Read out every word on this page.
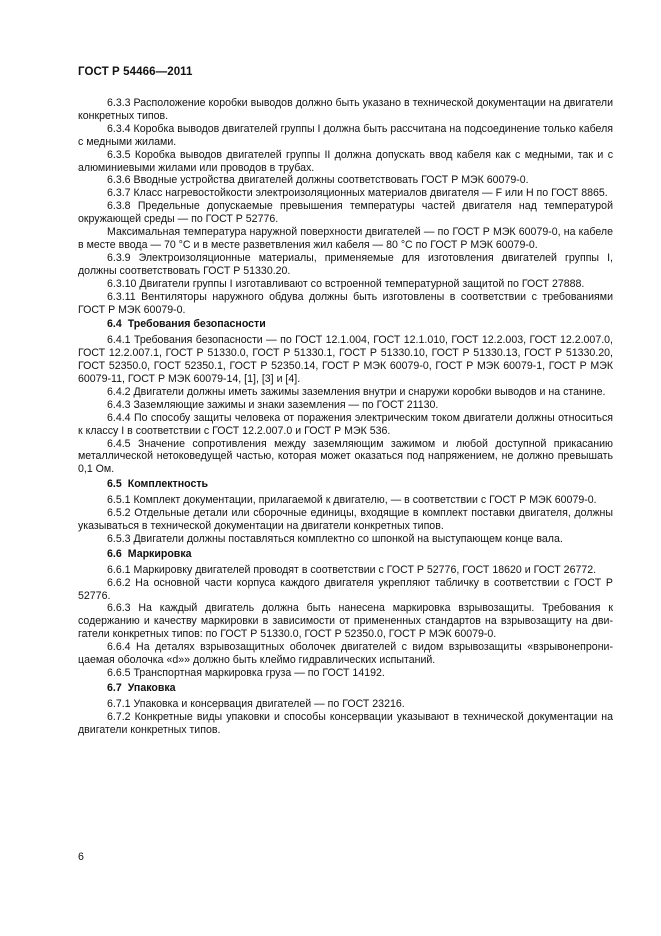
ГОСТ Р 54466—2011

6.3.3 Расположение коробки выводов должно быть указано в технической документации на двигатели конкретных типов.

6.3.4 Коробка выводов двигателей группы I должна быть рассчитана на подсоединение только кабеля с медными жилами.

6.3.5 Коробка выводов двигателей группы II должна допускать ввод кабеля как с медными, так и с алюминиевыми жилами или проводов в трубах.

6.3.6 Вводные устройства двигателей должны соответствовать ГОСТ Р МЭК 60079-0.

6.3.7 Класс нагревостойкости электроизоляционных материалов двигателя — F или Н по ГОСТ 8865.

6.3.8 Предельные допускаемые превышения температуры частей двигателя над температурой окружающей среды — по ГОСТ Р 52776.

Максимальная температура наружной поверхности двигателей — по ГОСТ Р МЭК 60079-0, на кабеле в месте ввода — 70 °С и в месте разветвления жил кабеля — 80 °С по ГОСТ Р МЭК 60079-0.

6.3.9 Электроизоляционные материалы, применяемые для изготовления двигателей группы I, должны соответствовать ГОСТ Р 51330.20.

6.3.10 Двигатели группы I изготавливают со встроенной температурной защитой по ГОСТ 27888.

6.3.11 Вентиляторы наружного обдува должны быть изготовлены в соответствии с требованиями ГОСТ Р МЭК 60079-0.

6.4 Требования безопасности

6.4.1 Требования безопасности — по ГОСТ 12.1.004, ГОСТ 12.1.010, ГОСТ 12.2.003, ГОСТ 12.2.007.0, ГОСТ 12.2.007.1, ГОСТ Р 51330.0, ГОСТ Р 51330.1, ГОСТ Р 51330.10, ГОСТ Р 51330.13, ГОСТ Р 51330.20, ГОСТ 52350.0, ГОСТ 52350.1, ГОСТ Р 52350.14, ГОСТ Р МЭК 60079-0, ГОСТ Р МЭК 60079-1, ГОСТ Р МЭК 60079-11, ГОСТ Р МЭК 60079-14, [1], [3] и [4].

6.4.2 Двигатели должны иметь зажимы заземления внутри и снаружи коробки выводов и на станине.

6.4.3 Заземляющие зажимы и знаки заземления — по ГОСТ 21130.

6.4.4 По способу защиты человека от поражения электрическим током двигатели должны относиться к классу I в соответствии с ГОСТ 12.2.007.0 и ГОСТ Р МЭК 536.

6.4.5 Значение сопротивления между заземляющим зажимом и любой доступной прикасанию металлической нетоковедущей частью, которая может оказаться под напряжением, не должно превышать 0,1 Ом.

6.5 Комплектность

6.5.1 Комплект документации, прилагаемой к двигателю, — в соответствии с ГОСТ Р МЭК 60079-0.

6.5.2 Отдельные детали или сборочные единицы, входящие в комплект поставки двигателя, должны указываться в технической документации на двигатели конкретных типов.

6.5.3 Двигатели должны поставляться комплектно со шпонкой на выступающем конце вала.

6.6 Маркировка

6.6.1 Маркировку двигателей проводят в соответствии с ГОСТ Р 52776, ГОСТ 18620 и ГОСТ 26772.

6.6.2 На основной части корпуса каждого двигателя укрепляют табличку в соответствии с ГОСТ Р 52776.

6.6.3 На каждый двигатель должна быть нанесена маркировка взрывозащиты. Требования к содержанию и качеству маркировки в зависимости от примененных стандартов на взрывозащиту на двигатели конкретных типов: по ГОСТ Р 51330.0, ГОСТ Р 52350.0, ГОСТ Р МЭК 60079-0.

6.6.4 На деталях взрывозащитных оболочек двигателей с видом взрывозащиты «взрывонепроницаемая оболочка «d»» должно быть клеймо гидравлических испытаний.

6.6.5 Транспортная маркировка груза — по ГОСТ 14192.

6.7 Упаковка

6.7.1 Упаковка и консервация двигателей — по ГОСТ 23216.

6.7.2 Конкретные виды упаковки и способы консервации указывают в технической документации на двигатели конкретных типов.

6
